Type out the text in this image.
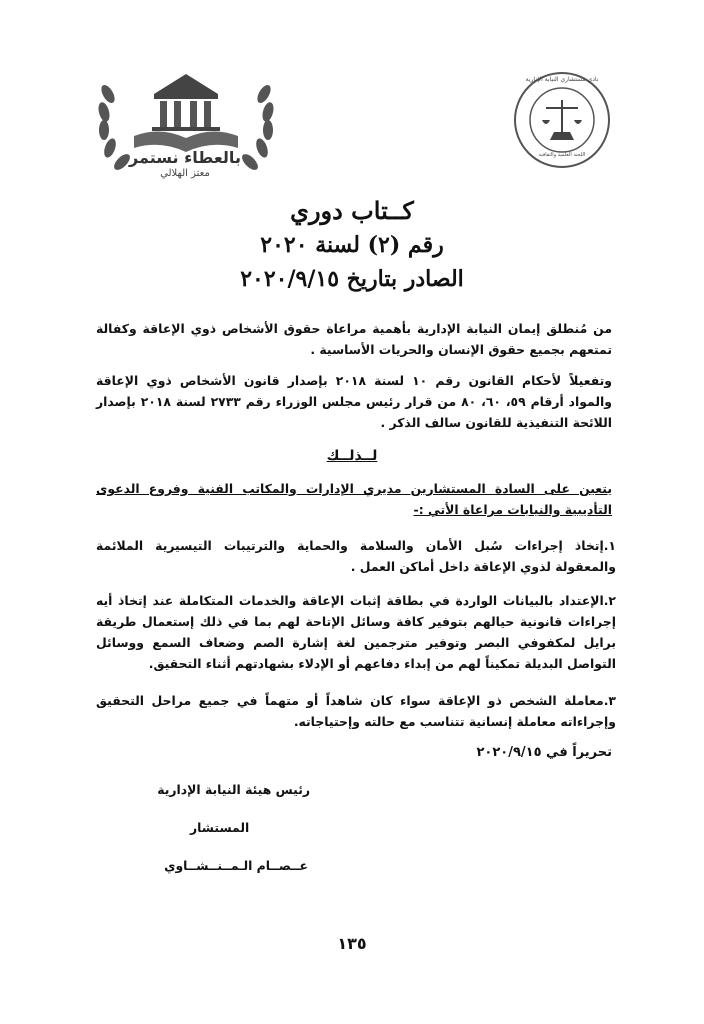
بالعطاء نستمر
معتز الهلالي
نادي مستشاري النيابة الإدارية
اللجنة العلمية والثقافية
كــتاب دوري
رقم (٢) لسنة ٢٠٢٠
الصادر بتاريخ ٢٠٢٠/٩/١٥
من مُنطلق إيمان النيابة الإدارية بأهمية مراعاة حقوق الأشخاص ذوي الإعاقة وكفالة تمتعهم بجميع حقوق الإنسان والحريات الأساسية .
وتفعيلاً لأحكام القانون رقم ١٠ لسنة ٢٠١٨ بإصدار قانون الأشخاص ذوي الإعاقة والمواد أرقام ٥٩، ٦٠، ٨٠ من قرار رئيس مجلس الوزراء رقم ٢٧٣٣ لسنة ٢٠١٨ بإصدار اللائحة التنفيذية للقانون سالف الذكر .
لــذلــك
يتعين على السادة المستشارين مديري الإدارات والمكاتب الفنية وفروع الدعوى التأديبية والنيابات مراعاة الأتي :-
١.إتخاذ إجراءات سُبل الأمان والسلامة والحماية والترتيبات التيسيرية الملائمة والمعقولة لذوي الإعاقة داخل أماكن العمل .
٢.الإعتداد بالبيانات الواردة في بطاقة إثبات الإعاقة والخدمات المتكاملة عند إتخاذ أيه إجراءات قانونية حيالهم بتوفير كافة وسائل الإتاحة لهم بما في ذلك إستعمال طريقة برايل لمكفوفي البصر وتوفير مترجمين لغة إشارة الصم وضعاف السمع ووسائل التواصل البديلة تمكيناً لهم من إبداء دفاعهم أو الإدلاء بشهادتهم أثناء التحقيق.
٣.معاملة الشخص ذو الإعاقة سواء كان شاهداً أو متهماً في جميع مراحل التحقيق وإجراءاته معاملة إنسانية تتناسب مع حالته وإحتياجاته.
تحريراً في ٢٠٢٠/٩/١٥
رئيس هيئة النيابة الإدارية
المستشار
عــصــام الـمــنــشــاوي
١٣٥
